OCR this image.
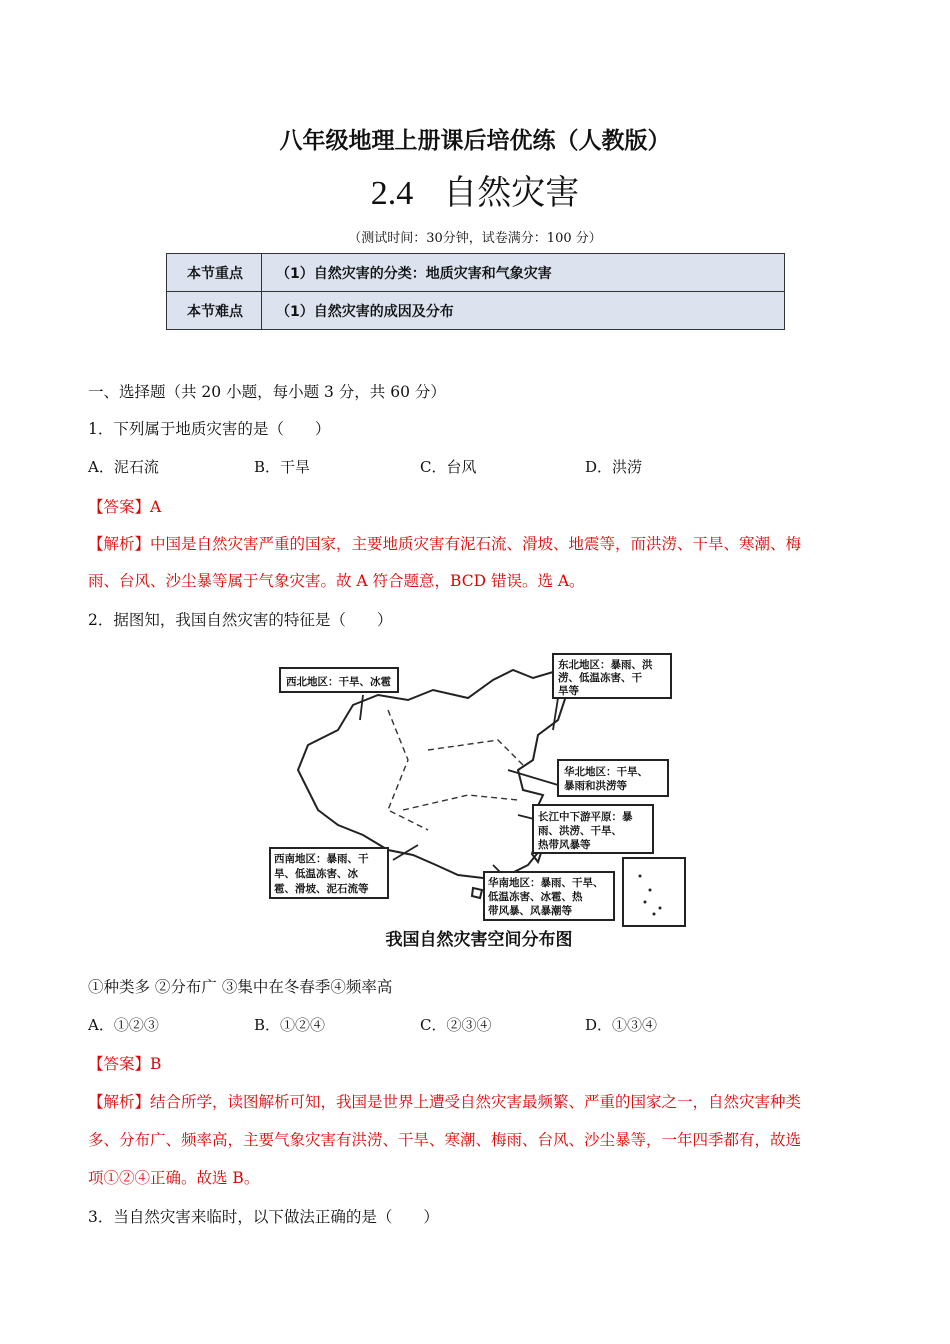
八年级地理上册课后培优练（人教版）
2.4 自然灾害
（测试时间：30分钟，试卷满分：100 分）
本节重点	（1）自然灾害的分类：地质灾害和气象灾害
本节难点	（1）自然灾害的成因及分布
一、选择题（共 20 小题，每小题 3 分，共 60 分）
1．下列属于地质灾害的是（　　）
A．泥石流	B．干旱	C．台风	D．洪涝
【答案】A
【解析】中国是自然灾害严重的国家，主要地质灾害有泥石流、滑坡、地震等，而洪涝、干旱、寒潮、梅
雨、台风、沙尘暴等属于气象灾害。故 A 符合题意，BCD 错误。选 A。
2．据图知，我国自然灾害的特征是（　　）
西北地区：干旱、冰雹
东北地区：暴雨、洪
涝、低温冻害、干
旱等
华北地区：干旱、
暴雨和洪涝等
长江中下游平原：暴
雨、洪涝、干旱、
热带风暴等
西南地区：暴雨、干
旱、低温冻害、冰
雹、滑坡、泥石流等	华南地区：暴雨、干旱、
低温冻害、冰雹、热
带风暴、风暴潮等
我国自然灾害空间分布图
①种类多 ②分布广 ③集中在冬春季④频率高
A．①②③	B．①②④	C．②③④	D．①③④
【答案】B
【解析】结合所学，读图解析可知，我国是世界上遭受自然灾害最频繁、严重的国家之一，自然灾害种类
多、分布广、频率高，主要气象灾害有洪涝、干旱、寒潮、梅雨、台风、沙尘暴等，一年四季都有，故选
项①②④正确。故选 B。
3．当自然灾害来临时，以下做法正确的是（　　）
